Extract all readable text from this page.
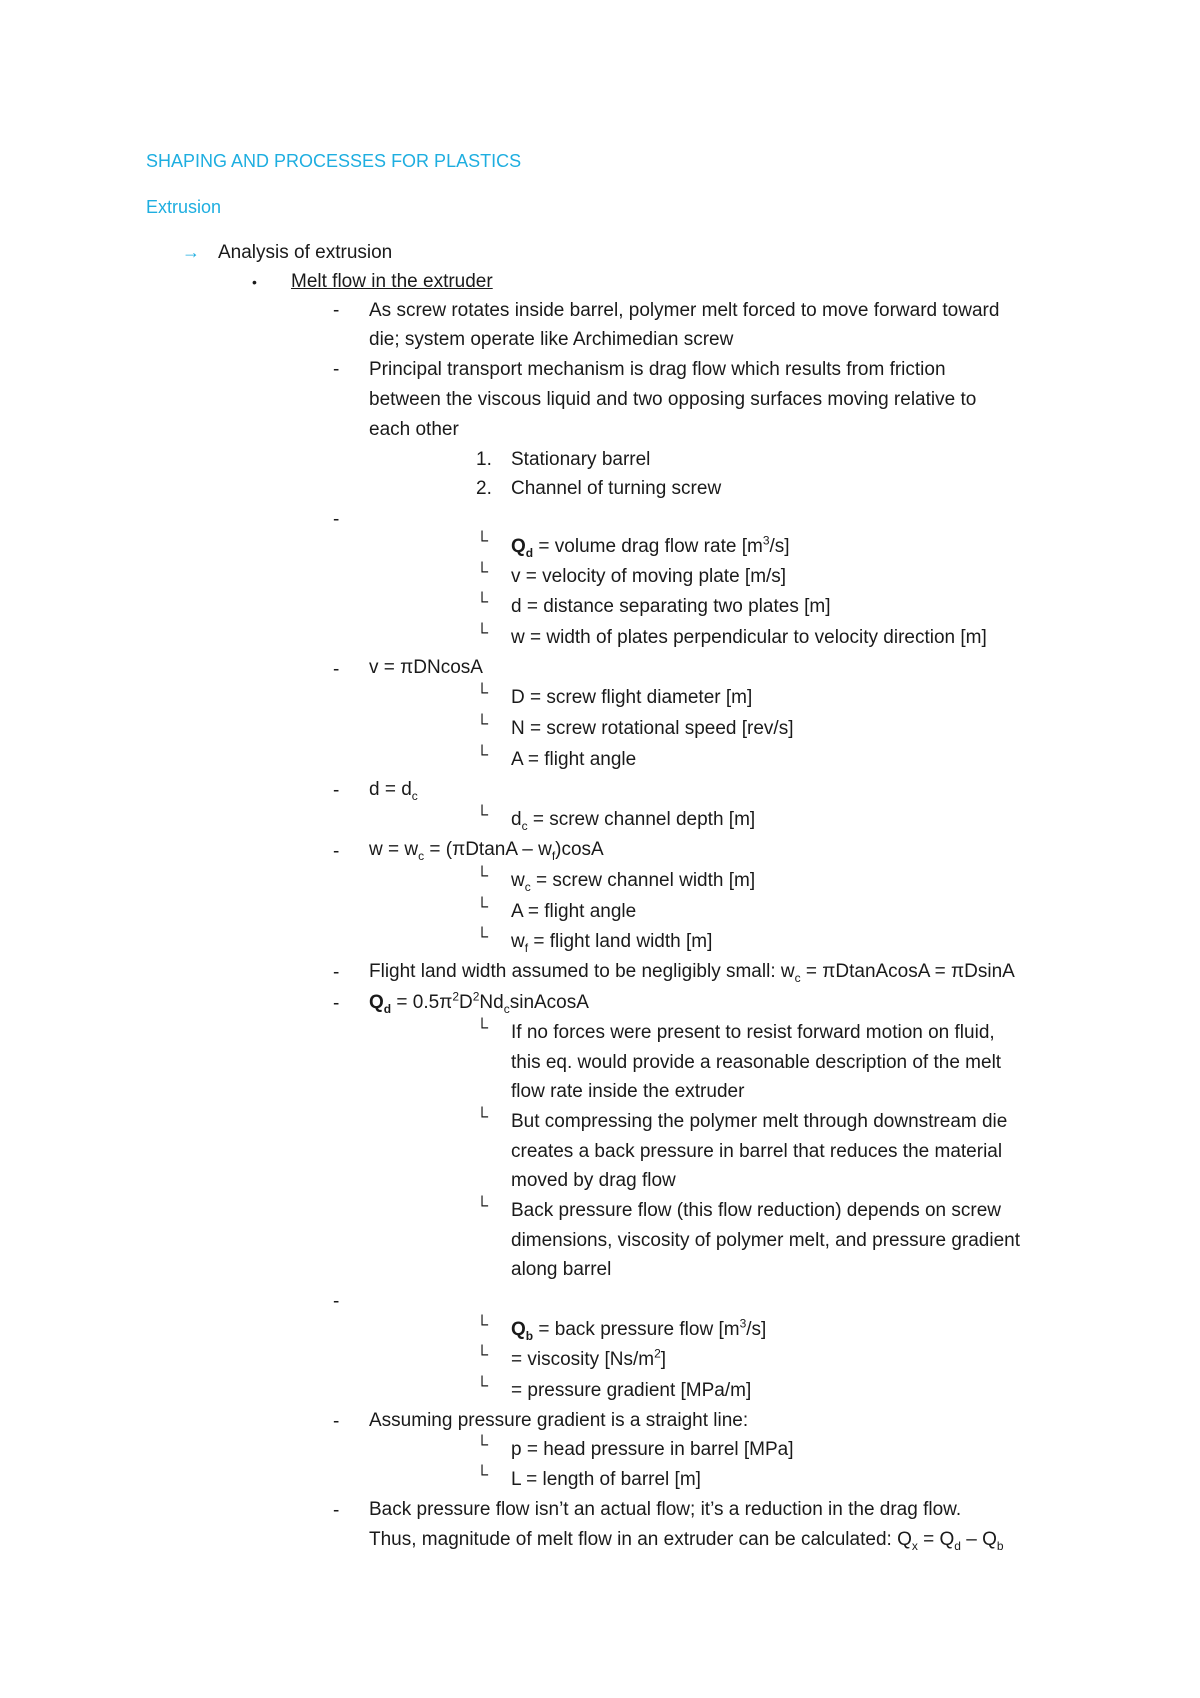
SHAPING AND PROCESSES FOR PLASTICS
Extrusion
→ Analysis of extrusion
• Melt flow in the extruder
- As screw rotates inside barrel, polymer melt forced to move forward toward
die; system operate like Archimedian screw
- Principal transport mechanism is drag flow which results from friction
between the viscous liquid and two opposing surfaces moving relative to
each other
1. Stationary barrel
2. Channel of turning screw
-
└ $Q_d$ = volume drag flow rate $[m^3/s]$
└ v = velocity of moving plate [m/s]
└ d = distance separating two plates [m]
└ w = width of plates perpendicular to velocity direction [m]
- v = πDNcosA
└ D = screw flight diameter [m]
└ N = screw rotational speed [rev/s]
└ A = flight angle
- $d = d_c$
└ $d_c$ = screw channel depth [m]
- $w = w_c = (\pi DtanA - w_f)\cos A$
└ $w_c$ = screw channel width [m]
└ A = flight angle
└ $w_f$ = flight land width [m]
- Flight land width assumed to be negligibly small: $w_c$ = πDtanAcosA = πDsinA
- $Q_d$ = $0.5\pi^2D^2Nd_csinAcosA$
└ If no forces were present to resist forward motion on fluid,
this eq. would provide a reasonable description of the melt
flow rate inside the extruder
└ But compressing the polymer melt through downstream die
creates a back pressure in barrel that reduces the material
moved by drag flow
└ Back pressure flow (this flow reduction) depends on screw
dimensions, viscosity of polymer melt, and pressure gradient
along barrel
-
└ $Q_b$ = back pressure flow $[m^3/s]$
└ = viscosity $[Ns/m^2]$
└ = pressure gradient [MPa/m]
- Assuming pressure gradient is a straight line:
└ p = head pressure in barrel [MPa]
└ L = length of barrel [m]
- Back pressure flow isn’t an actual flow; it’s a reduction in the drag flow.
Thus, magnitude of melt flow in an extruder can be calculated: $Q_x = Q_d - Q_b$
